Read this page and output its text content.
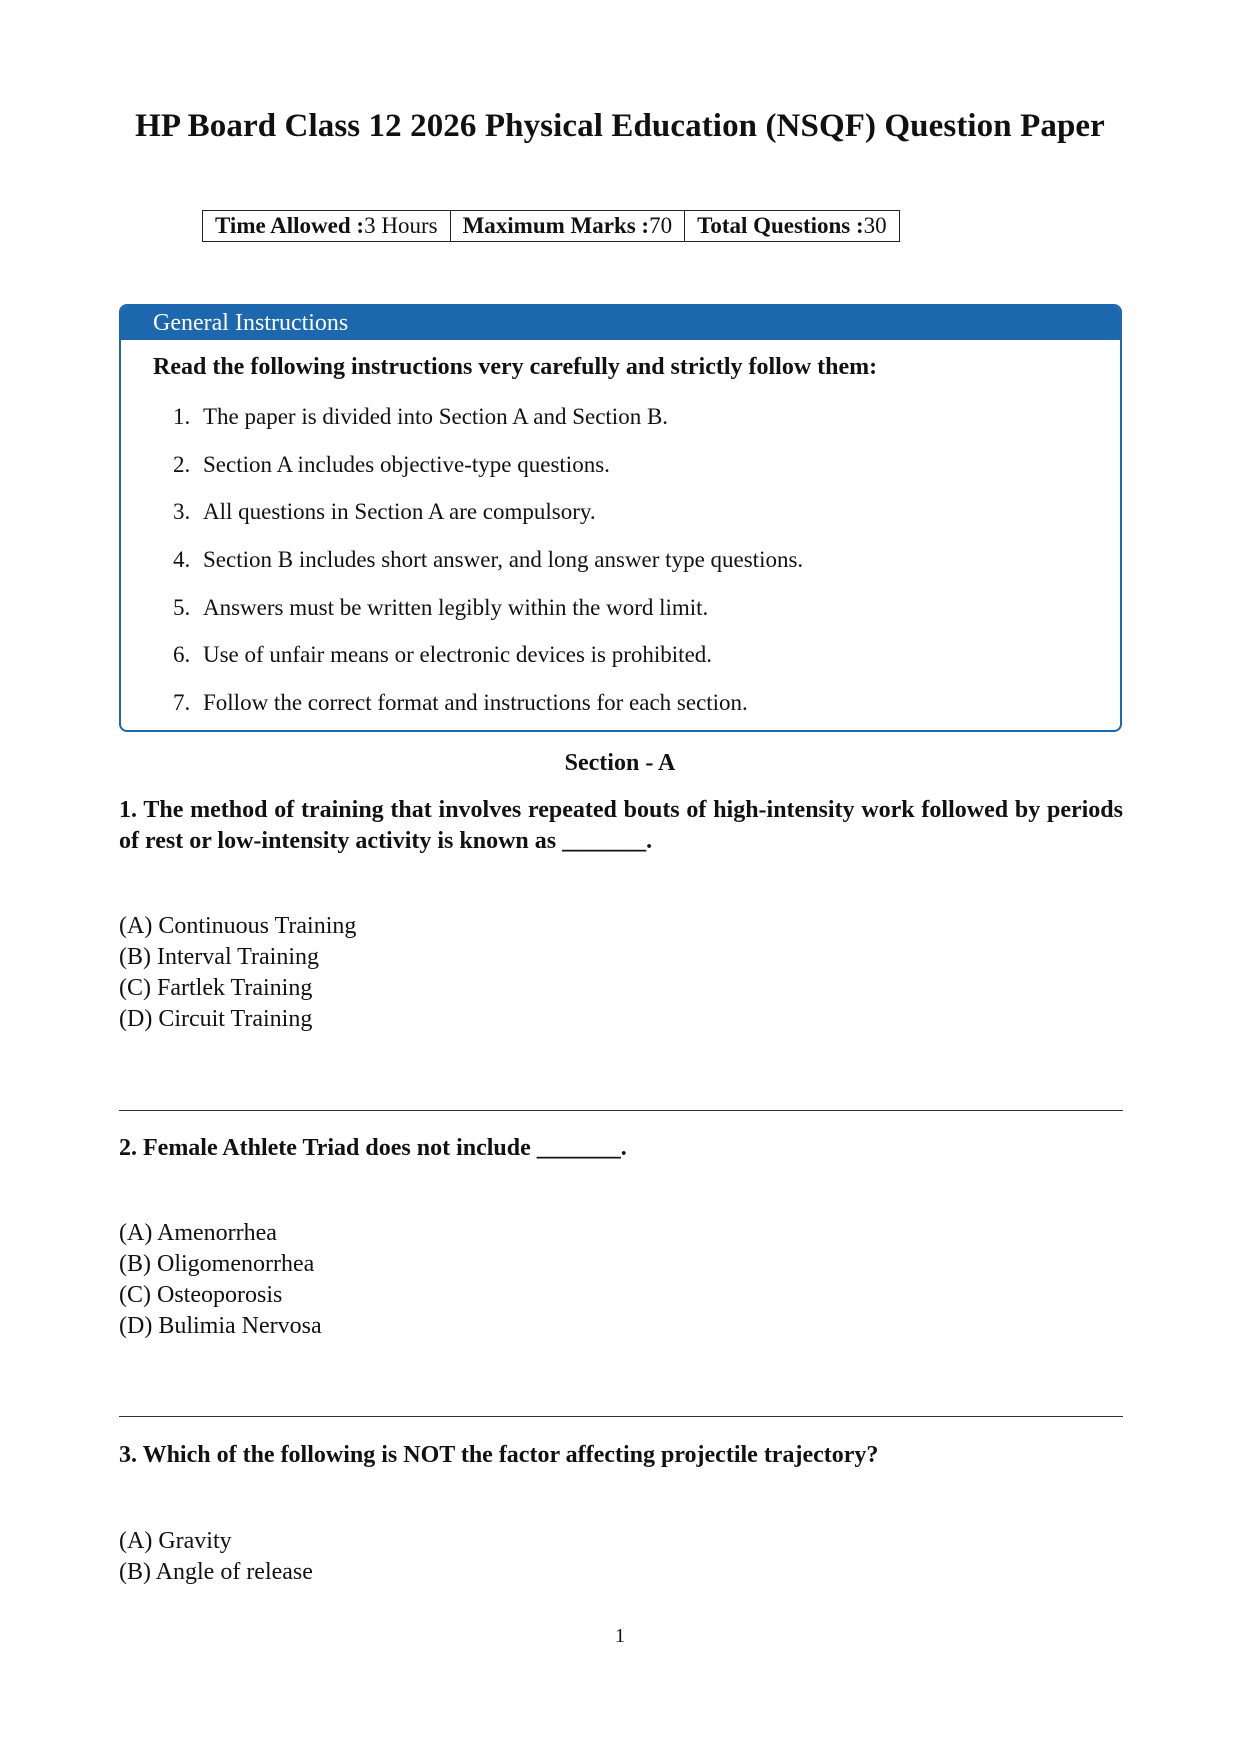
HP Board Class 12 2026 Physical Education (NSQF) Question Paper
Time Allowed :3 Hours	Maximum Marks :70	Total Questions :30
General Instructions
Read the following instructions very carefully and strictly follow them:
1. The paper is divided into Section A and Section B.
2. Section A includes objective-type questions.
3. All questions in Section A are compulsory.
4. Section B includes short answer, and long answer type questions.
5. Answers must be written legibly within the word limit.
6. Use of unfair means or electronic devices is prohibited.
7. Follow the correct format and instructions for each section.
Section - A
1. The method of training that involves repeated bouts of high-intensity work followed by periods of rest or low-intensity activity is known as _______.
(A) Continuous Training
(B) Interval Training
(C) Fartlek Training
(D) Circuit Training
2. Female Athlete Triad does not include _______.
(A) Amenorrhea
(B) Oligomenorrhea
(C) Osteoporosis
(D) Bulimia Nervosa
3. Which of the following is NOT the factor affecting projectile trajectory?
(A) Gravity
(B) Angle of release
1
